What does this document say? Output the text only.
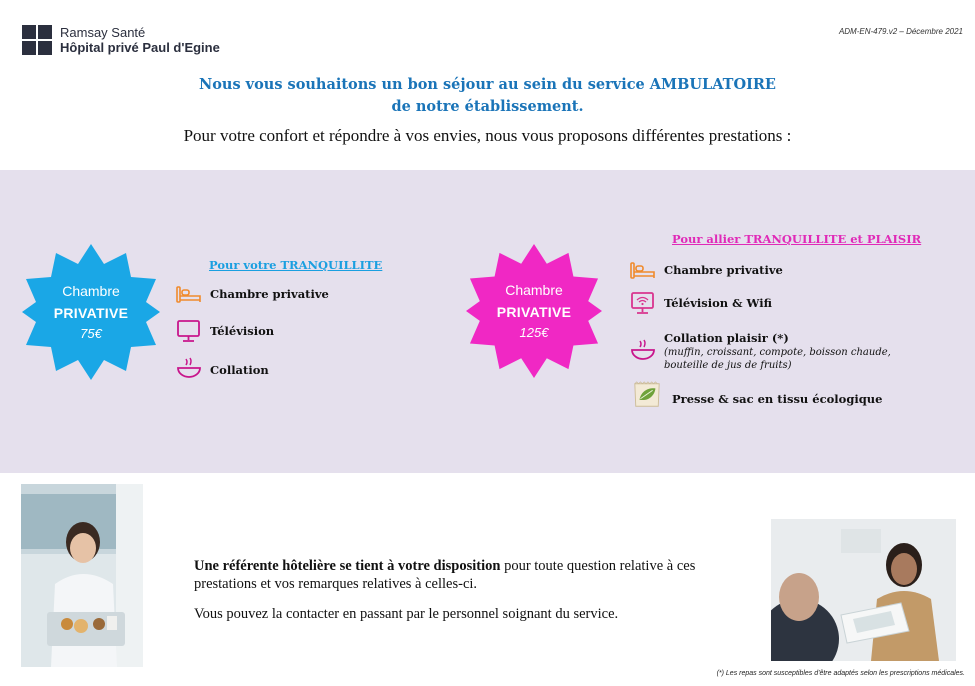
Ramsay Santé
Hôpital privé Paul d'Egine
ADM-EN-479.v2 – Décembre 2021
Nous vous souhaitons un bon séjour au sein du service AMBULATOIRE
de notre établissement.
Pour votre confort et répondre à vos envies, nous vous proposons différentes prestations :
Chambre
PRIVATIVE
75€
Pour votre TRANQUILLITE
Chambre privative
Télévision
Collation
Chambre
PRIVATIVE
125€
Pour allier TRANQUILLITE et PLAISIR
Chambre privative
Télévision & Wifi
Collation plaisir (*)
(muffin, croissant, compote, boisson chaude, bouteille de jus de fruits)
Presse & sac en tissu écologique

Une référente hôtelière se tient à votre disposition pour toute question relative à ces prestations et vos remarques relatives à celles-ci.

Vous pouvez la contacter en passant par le personnel soignant du service.

(*) Les repas sont susceptibles d'être adaptés selon les prescriptions médicales.
